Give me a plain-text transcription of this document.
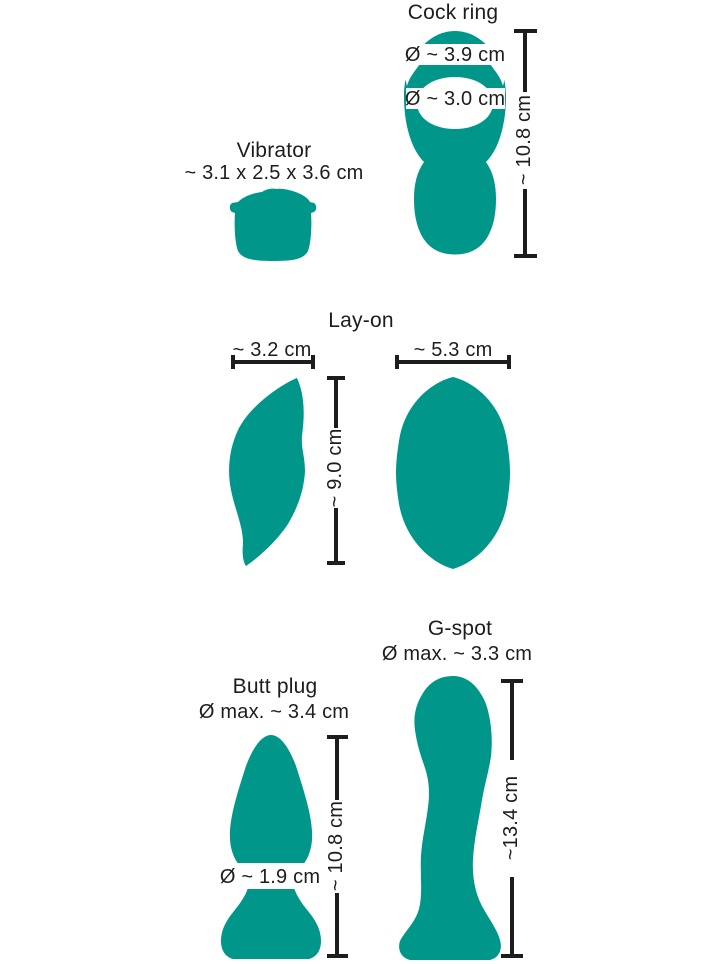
Cock ring
Ø ~ 3.9 cm
Ø ~ 3.0 cm ~ 10.8 cm
Vibrator
~ 3.1 x 2.5 x 3.6 cm
Lay-on
~ 3.2 cm	~ 5.3 cm
~ 9.0 cm
Butt plug
Ø max. ~ 3.4 cm
Ø ~ 1.9 cm ~ 10.8 cm
G-spot
Ø max. ~ 3.3 cm
~13.4 cm
